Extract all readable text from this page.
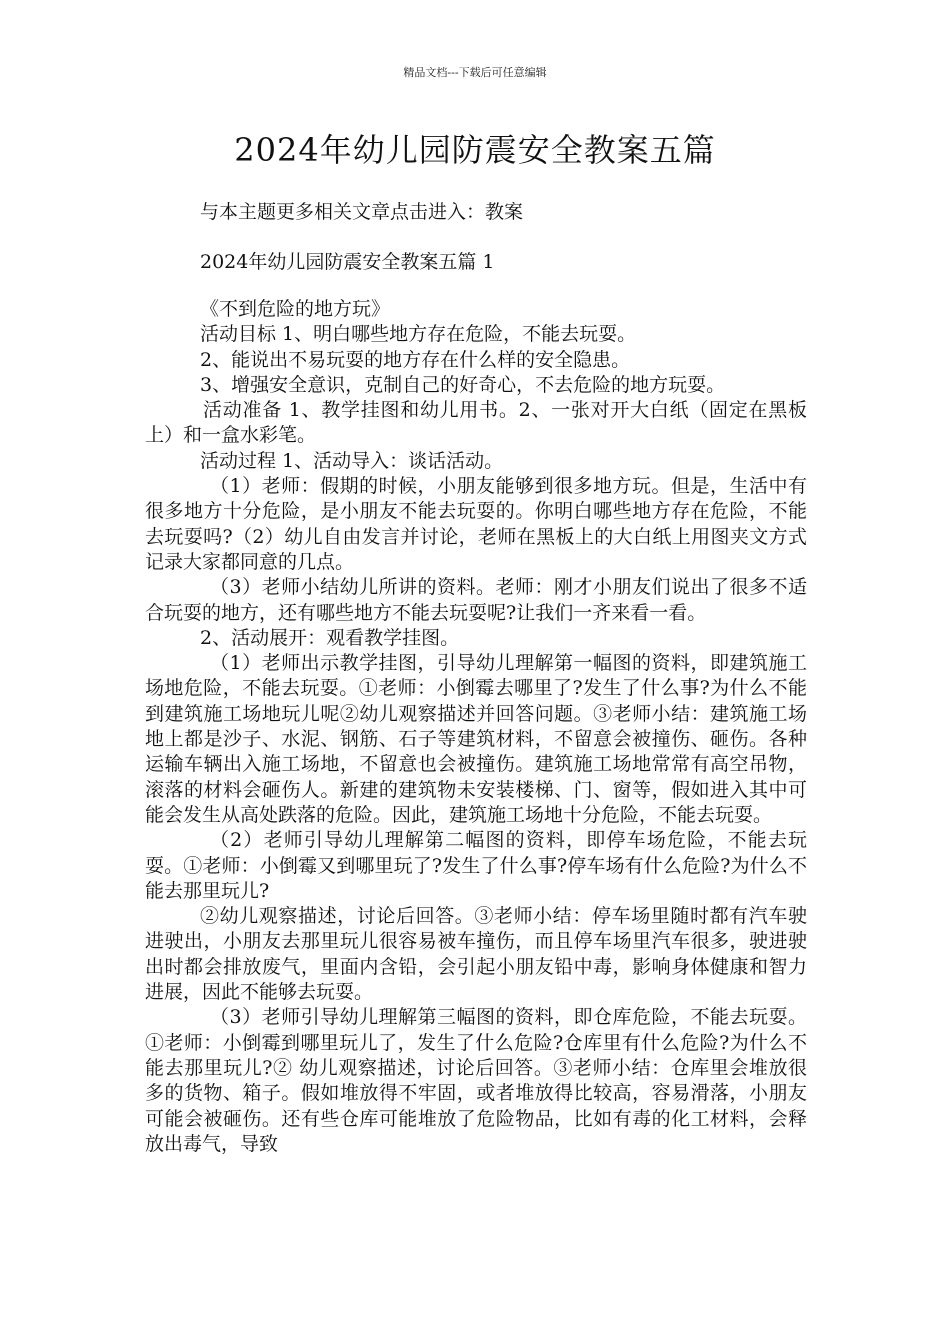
精品文档---下载后可任意编辑
2024年幼儿园防震安全教案五篇
与本主题更多相关文章点击进入：教案
2024年幼儿园防震安全教案五篇 1

《不到危险的地方玩》

活动目标 1、明白哪些地方存在危险，不能去玩耍。

2、能说出不易玩耍的地方存在什么样的安全隐患。

3、增强安全意识，克制自己的好奇心，不去危险的地方玩耍。

活动准备 1、教学挂图和幼儿用书。2、一张对开大白纸（固定在黑板上）和一盒水彩笔。

活动过程 1、活动导入：谈话活动。

（1）老师：假期的时候，小朋友能够到很多地方玩。但是，生活中有很多地方十分危险，是小朋友不能去玩耍的。你明白哪些地方存在危险，不能去玩耍吗?（2）幼儿自由发言并讨论，老师在黑板上的大白纸上用图夹文方式记录大家都同意的几点。

（3）老师小结幼儿所讲的资料。老师：刚才小朋友们说出了很多不适合玩耍的地方，还有哪些地方不能去玩耍呢?让我们一齐来看一看。

2、活动展开：观看教学挂图。

（1）老师出示教学挂图，引导幼儿理解第一幅图的资料，即建筑施工场地危险，不能去玩耍。①老师：小倒霉去哪里了?发生了什么事?为什么不能到建筑施工场地玩儿呢②幼儿观察描述并回答问题。③老师小结：建筑施工场地上都是沙子、水泥、钢筋、石子等建筑材料，不留意会被撞伤、砸伤。各种运输车辆出入施工场地，不留意也会被撞伤。建筑施工场地常常有高空吊物，滚落的材料会砸伤人。新建的建筑物未安装楼梯、门、窗等，假如进入其中可能会发生从高处跌落的危险。因此，建筑施工场地十分危险，不能去玩耍。

（2）老师引导幼儿理解第二幅图的资料，即停车场危险，不能去玩耍。①老师：小倒霉又到哪里玩了?发生了什么事?停车场有什么危险?为什么不能去那里玩儿?

②幼儿观察描述，讨论后回答。③老师小结：停车场里随时都有汽车驶进驶出，小朋友去那里玩儿很容易被车撞伤，而且停车场里汽车很多，驶进驶出时都会排放废气，里面内含铅，会引起小朋友铅中毒，影响身体健康和智力进展，因此不能够去玩耍。

（3）老师引导幼儿理解第三幅图的资料，即仓库危险，不能去玩耍。①老师：小倒霉到哪里玩儿了，发生了什么危险?仓库里有什么危险?为什么不能去那里玩儿?② 幼儿观察描述，讨论后回答。③老师小结：仓库里会堆放很多的货物、箱子。假如堆放得不牢固，或者堆放得比较高，容易滑落，小朋友可能会被砸伤。还有些仓库可能堆放了危险物品，比如有毒的化工材料，会释放出毒气，导致
